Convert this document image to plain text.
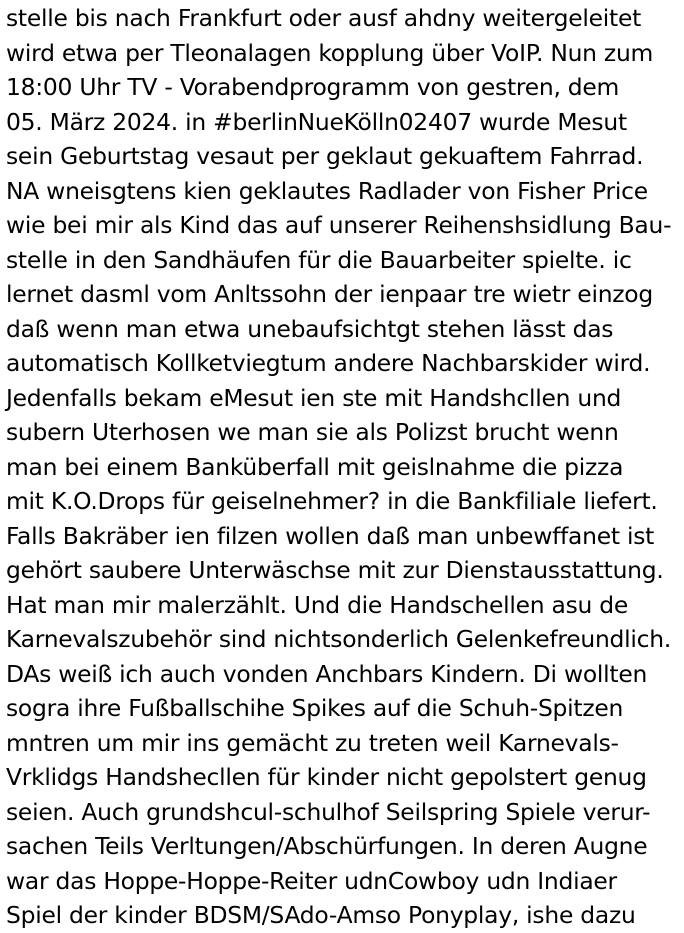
stelle bis nach Frankfurt oder ausf ahdny weitergeleitet
wird etwa per Tleonalagen kopplung über VoIP. Nun zum
18:00 Uhr TV - Vorabendprogramm von gestren, dem
05. März 2024. in #berlinNueKölln02407 wurde Mesut
sein Geburtstag vesaut per geklaut gekuaftem Fahrrad.
NA wneisgtens kien geklautes Radlader von Fisher Price
wie bei mir als Kind das auf unserer Reihenshsidlung Bau-
stelle in den Sandhäufen für die Bauarbeiter spielte. ic
lernet dasml vom Anltssohn der ienpaar tre wietr einzog
daß wenn man etwa unebaufsichtgt stehen lässt das
automatisch Kollketviegtum andere Nachbarskider wird.
Jedenfalls bekam eMesut ien ste mit Handshcllen und
subern Uterhosen we man sie als Polizst brucht wenn
man bei einem Banküberfall mit geislnahme die pizza
mit K.O.Drops für geiselnehmer? in die Bankfiliale liefert.
Falls Bakräber ien filzen wollen daß man unbewffanet ist
gehört saubere Unterwäschse mit zur Dienstausstattung.
Hat man mir malerzählt. Und die Handschellen asu de
Karnevalszubehör sind nichtsonderlich Gelenkefreundlich.
DAs weiß ich auch vonden Anchbars Kindern. Di wollten
sogra ihre Fußballschihe Spikes auf die Schuh-Spitzen
mntren um mir ins gemächt zu treten weil Karnevals-
Vrklidgs Handshecllen für kinder nicht gepolstert genug
seien. Auch grundshcul-schulhof Seilspring Spiele verur-
sachen Teils Verltungen/Abschürfungen. In deren Augne
war das Hoppe-Hoppe-Reiter udnCowboy udn Indiaer
Spiel der kinder BDSM/SAdo-Amso Ponyplay, ishe dazu
